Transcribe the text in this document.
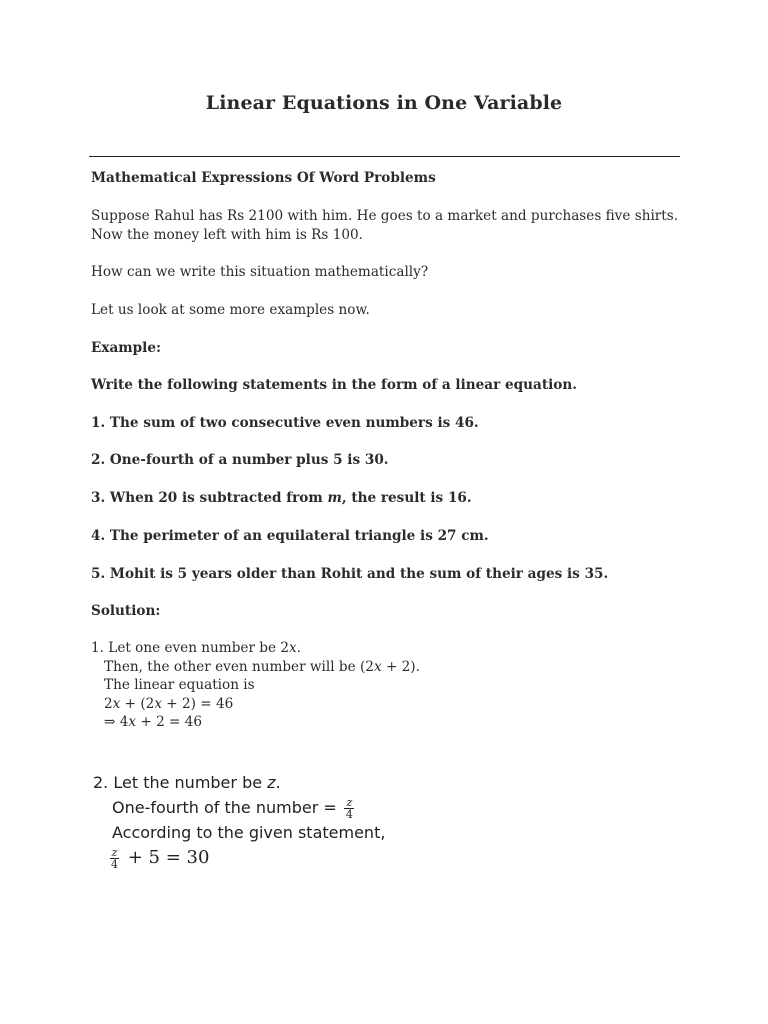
Linear Equations in One Variable
Mathematical Expressions Of Word Problems
Suppose Rahul has Rs 2100 with him. He goes to a market and purchases five shirts. Now the money left with him is Rs 100.
How can we write this situation mathematically?
Let us look at some more examples now.
Example:
Write the following statements in the form of a linear equation.
1. The sum of two consecutive even numbers is 46.
2. One-fourth of a number plus 5 is 30.
3. When 20 is subtracted from m, the result is 16.
4. The perimeter of an equilateral triangle is 27 cm.
5. Mohit is 5 years older than Rohit and the sum of their ages is 35.
Solution:
1. Let one even number be 2x.
Then, the other even number will be (2x + 2).
The linear equation is
2x + (2x + 2) = 46
⇒ 4x + 2 = 46
2. Let the number be z.
One-fourth of the number = $\frac{z}{4}$
According to the given statement,
$\frac{z}{4} + 5 = 30$
